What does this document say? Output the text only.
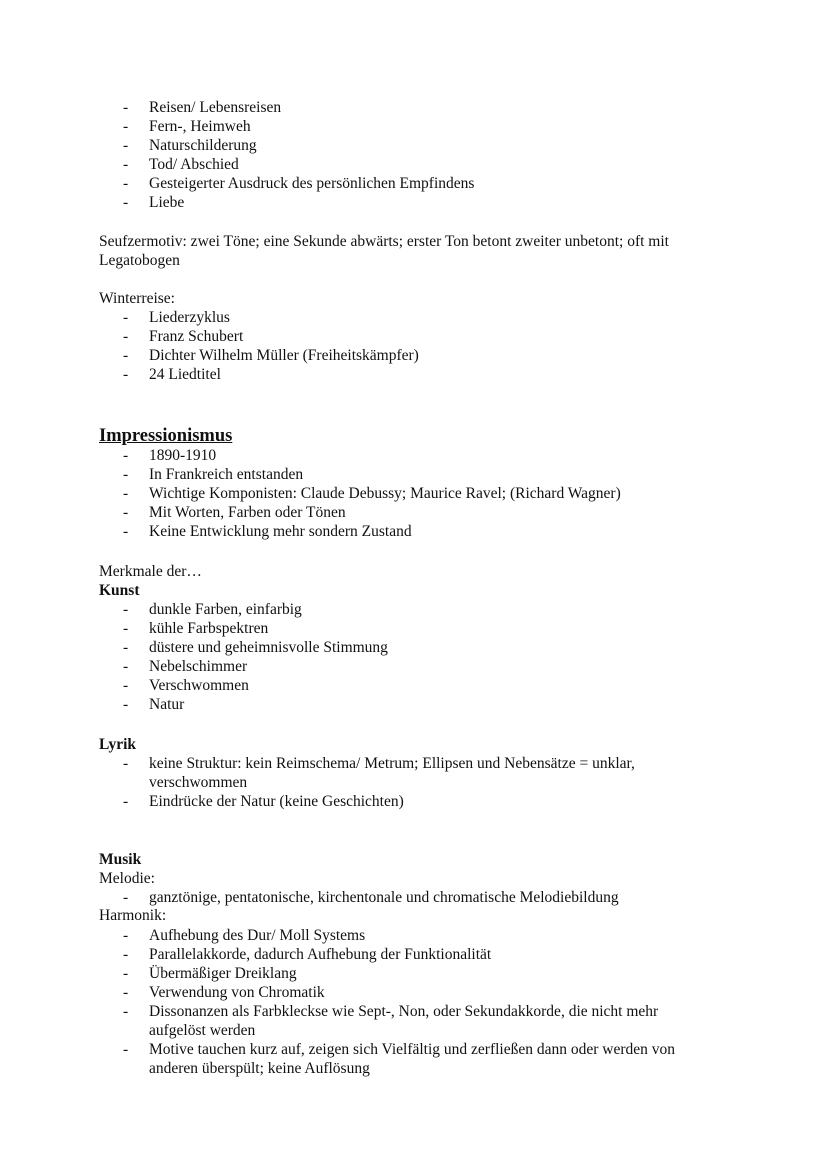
- Reisen/ Lebensreisen
- Fern-, Heimweh
- Naturschilderung
- Tod/ Abschied
- Gesteigerter Ausdruck des persönlichen Empfindens
- Liebe
Seufzermotiv: zwei Töne; eine Sekunde abwärts; erster Ton betont zweiter unbetont; oft mit
Legatobogen
Winterreise:
- Liederzyklus
- Franz Schubert
- Dichter Wilhelm Müller (Freiheitskämpfer)
- 24 Liedtitel
Impressionismus
- 1890-1910
- In Frankreich entstanden
- Wichtige Komponisten: Claude Debussy; Maurice Ravel; (Richard Wagner)
- Mit Worten, Farben oder Tönen
- Keine Entwicklung mehr sondern Zustand
Merkmale der…
Kunst
- dunkle Farben, einfarbig
- kühle Farbspektren
- düstere und geheimnisvolle Stimmung
- Nebelschimmer
- Verschwommen
- Natur
Lyrik
- keine Struktur: kein Reimschema/ Metrum; Ellipsen und Nebensätze = unklar,
verschwommen
- Eindrücke der Natur (keine Geschichten)
Musik
Melodie:
- ganztönige, pentatonische, kirchentonale und chromatische Melodiebildung
Harmonik:
- Aufhebung des Dur/ Moll Systems
- Parallelakkorde, dadurch Aufhebung der Funktionalität
- Übermäßiger Dreiklang
- Verwendung von Chromatik
- Dissonanzen als Farbkleckse wie Sept-, Non, oder Sekundakkorde, die nicht mehr
aufgelöst werden
- Motive tauchen kurz auf, zeigen sich Vielfältig und zerfließen dann oder werden von
anderen überspült; keine Auflösung
